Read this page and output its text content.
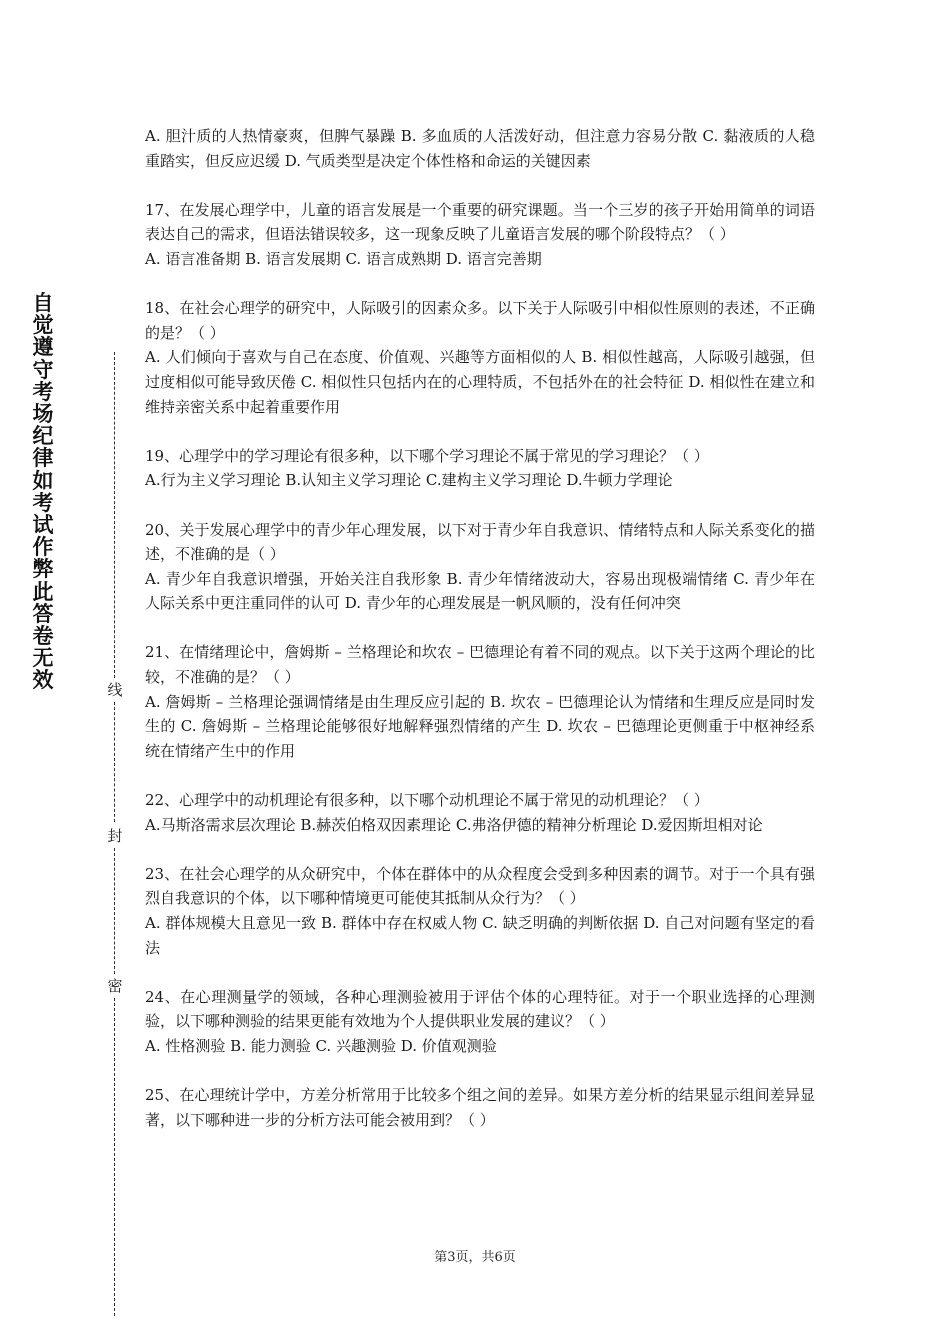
自觉遵守考场纪律如考试作弊此答卷无效	线
封
密

A. 胆汁质的人热情豪爽，但脾气暴躁 B. 多血质的人活泼好动，但注意力容易分散 C. 黏液质的人稳重踏实，但反应迟缓 D. 气质类型是决定个体性格和命运的关键因素

17、在发展心理学中，儿童的语言发展是一个重要的研究课题。当一个三岁的孩子开始用简单的词语表达自己的需求，但语法错误较多，这一现象反映了儿童语言发展的哪个阶段特点？（ ）

A. 语言准备期 B. 语言发展期 C. 语言成熟期 D. 语言完善期

18、在社会心理学的研究中，人际吸引的因素众多。以下关于人际吸引中相似性原则的表述，不正确的是？（ ）

A. 人们倾向于喜欢与自己在态度、价值观、兴趣等方面相似的人 B. 相似性越高，人际吸引越强，但过度相似可能导致厌倦 C. 相似性只包括内在的心理特质，不包括外在的社会特征 D. 相似性在建立和维持亲密关系中起着重要作用

19、心理学中的学习理论有很多种，以下哪个学习理论不属于常见的学习理论？（ ）

A.行为主义学习理论 B.认知主义学习理论 C.建构主义学习理论 D.牛顿力学理论

20、关于发展心理学中的青少年心理发展，以下对于青少年自我意识、情绪特点和人际关系变化的描述，不准确的是（ ）

A. 青少年自我意识增强，开始关注自我形象 B. 青少年情绪波动大，容易出现极端情绪 C. 青少年在人际关系中更注重同伴的认可 D. 青少年的心理发展是一帆风顺的，没有任何冲突

21、在情绪理论中，詹姆斯 – 兰格理论和坎农 – 巴德理论有着不同的观点。以下关于这两个理论的比较，不准确的是？（ ）

A. 詹姆斯 – 兰格理论强调情绪是由生理反应引起的 B. 坎农 – 巴德理论认为情绪和生理反应是同时发生的 C. 詹姆斯 – 兰格理论能够很好地解释强烈情绪的产生 D. 坎农 – 巴德理论更侧重于中枢神经系统在情绪产生中的作用

22、心理学中的动机理论有很多种，以下哪个动机理论不属于常见的动机理论？（ ）

A.马斯洛需求层次理论 B.赫茨伯格双因素理论 C.弗洛伊德的精神分析理论 D.爱因斯坦相对论

23、在社会心理学的从众研究中，个体在群体中的从众程度会受到多种因素的调节。对于一个具有强烈自我意识的个体，以下哪种情境更可能使其抵制从众行为？（ ）

A. 群体规模大且意见一致 B. 群体中存在权威人物 C. 缺乏明确的判断依据 D. 自己对问题有坚定的看法

24、在心理测量学的领域，各种心理测验被用于评估个体的心理特征。对于一个职业选择的心理测验，以下哪种测验的结果更能有效地为个人提供职业发展的建议？（ ）

A. 性格测验 B. 能力测验 C. 兴趣测验 D. 价值观测验

25、在心理统计学中，方差分析常用于比较多个组之间的差异。如果方差分析的结果显示组间差异显著，以下哪种进一步的分析方法可能会被用到？（ ）

第3页，共6页
